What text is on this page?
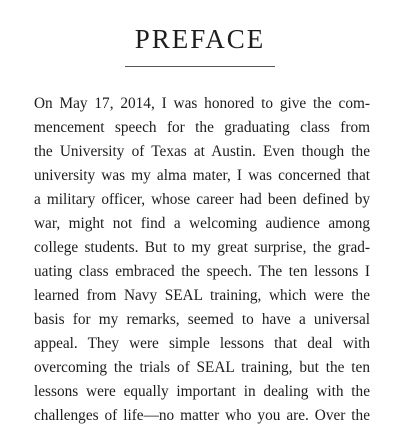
PREFACE
On May 17, 2014, I was honored to give the com-
mencement speech for the graduating class from
the University of Texas at Austin. Even though the
university was my alma mater, I was concerned that
a military officer, whose career had been defined by
war, might not find a welcoming audience among
college students. But to my great surprise, the grad-
uating class embraced the speech. The ten lessons I
learned from Navy SEAL training, which were the
basis for my remarks, seemed to have a universal
appeal. They were simple lessons that deal with
overcoming the trials of SEAL training, but the ten
lessons were equally important in dealing with the
challenges of life—no matter who you are. Over the
